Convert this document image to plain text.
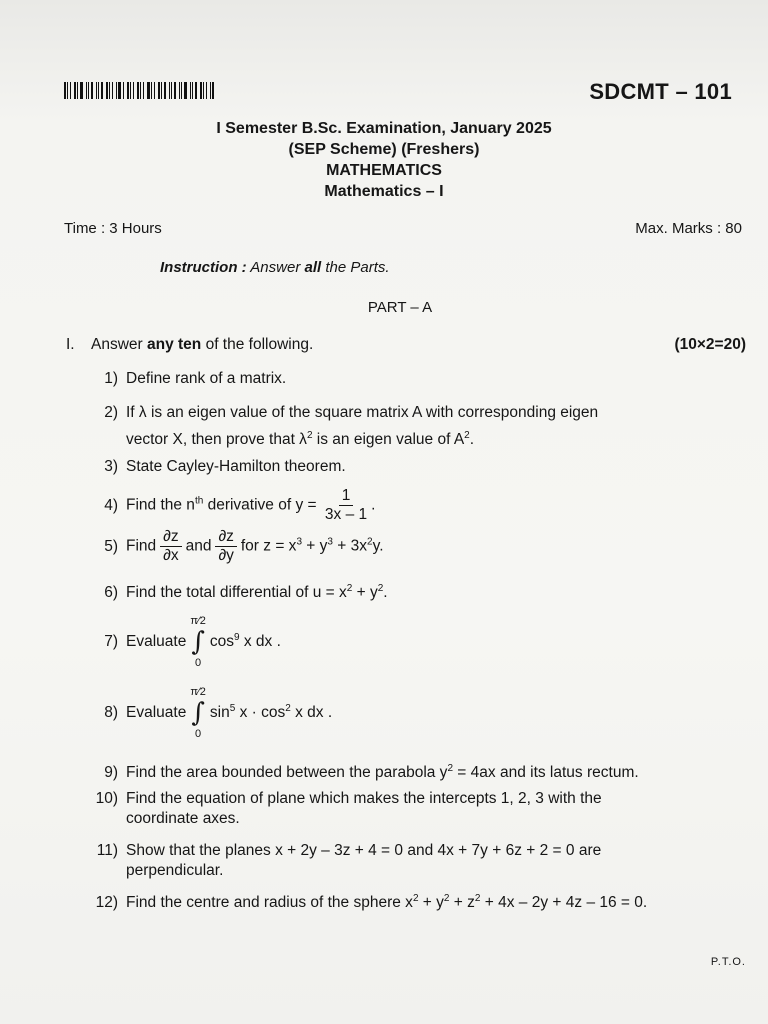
SDCMT – 101
I Semester B.Sc. Examination, January 2025
(SEP Scheme) (Freshers)
MATHEMATICS
Mathematics – I
Time : 3 Hours	Max. Marks : 80
Instruction : Answer all the Parts.
PART – A
I. Answer any ten of the following.	(10×2=20)
1) Define rank of a matrix.
2) If λ is an eigen value of the square matrix A with corresponding eigen
vector X, then prove that $\lambda^2$ is an eigen value of $A^2$.
3) State Cayley-Hamilton theorem.
4) Find the $n^{th}$ derivative of $y = \frac{1}{3x - 1}$ .
5) Find $\frac{\partial z}{\partial x}$ and $\frac{\partial z}{\partial y}$ for $z = x^3 + y^3 + 3x^2y$.
6) Find the total differential of $u = x^2 + y^2$.
7) Evaluate
π⁄2
∫
0
$\cos^9 x$ dx .
8) Evaluate
π⁄2
∫
0
$\sin^5 x \cdot \cos^2 x$ dx .
9) Find the area bounded between the parabola $y^2 = 4ax$ and its latus rectum.
10) Find the equation of plane which makes the intercepts 1, 2, 3 with the
coordinate axes.
11) Show that the planes x + 2y – 3z + 4 = 0 and 4x + 7y + 6z + 2 = 0 are
perpendicular.
12) Find the centre and radius of the sphere $x^2 + y^2 + z^2 + 4x - 2y + 4z - 16 = 0$.
P.T.O.
